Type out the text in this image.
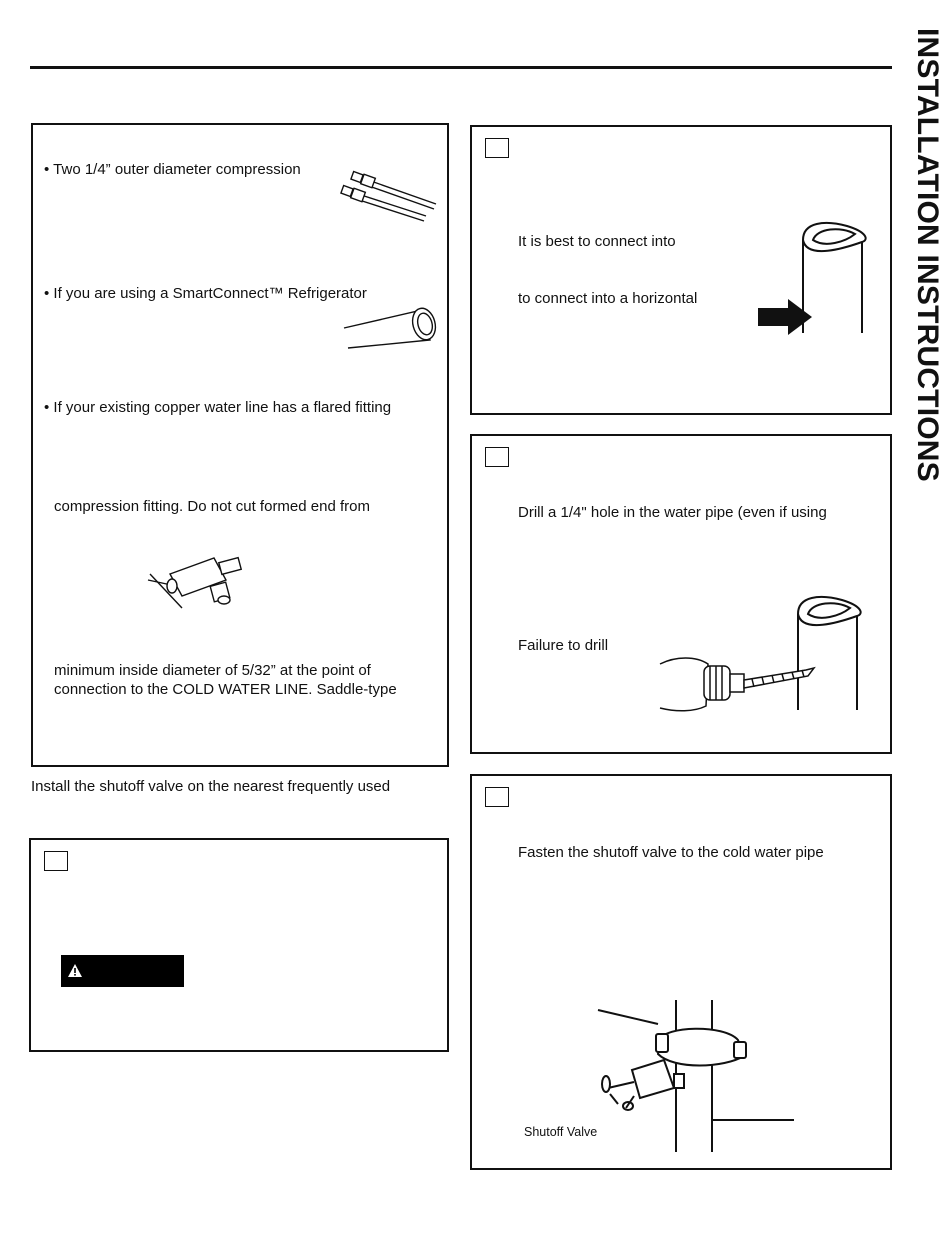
INSTALLATION INSTRUCTIONS
• Two 1/4” outer diameter compression
• If you are using a SmartConnect™ Refrigerator
• If your existing copper water line has a flared fitting
compression fitting. Do not cut formed end from
minimum inside diameter of 5/32” at the point of
connection to the COLD WATER LINE. Saddle-type
Install the shutoff valve on the nearest frequently used
It is best to connect into
to connect into a horizontal
Drill a 1/4" hole in the water pipe (even if using
Failure to drill
Fasten the shutoff valve to the cold water pipe
Shutoff Valve
